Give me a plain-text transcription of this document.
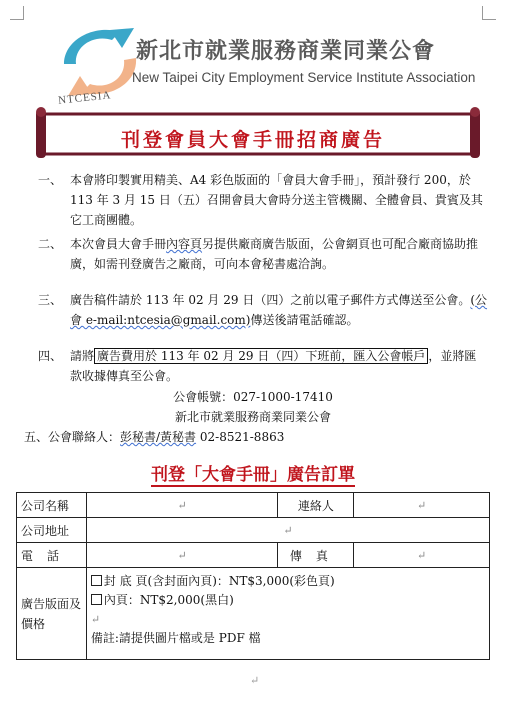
新北市就業服務商業同業公會
New Taipei City Employment Service Institute Association
NTCESIA
刊登會員大會手冊招商廣告
一、 本會將印製實用精美、A4 彩色版面的「會員大會手冊」，預計發行 200，於 113 年 3 月 15 日（五）召開會員大會時分送主管機關、全體會員、貴賓及其它工商團體。
二、 本次會員大會手冊內容頁另提供廠商廣告版面，公會網頁也可配合廠商協助推廣，如需刊登廣告之廠商，可向本會秘書處洽詢。
三、 廣告稿件請於 113 年 02 月 29 日（四）之前以電子郵件方式傳送至公會。(公會 e-mail:ntcesia@gmail.com)傳送後請電話確認。
四、 請將 廣告費用於 113 年 02 月 29 日（四）下班前，匯入公會帳戶 ，並將匯款收據傳真至公會。
公會帳號：027-1000-17410
新北市就業服務商業同業公會
五、公會聯絡人：彭秘書/黃秘書 02-8521-8863
刊登「大會手冊」廣告訂單
公司名稱	↵	連絡人	↵
公司地址	↵		
電話	↵	傳真	↵
廣告版面及價格	封 底 頁(含封面內頁)：NT$3,000(彩色頁)
內頁：NT$2,000(黑白)
↵
備註:請提供圖片檔或是 PDF 檔		
↵
